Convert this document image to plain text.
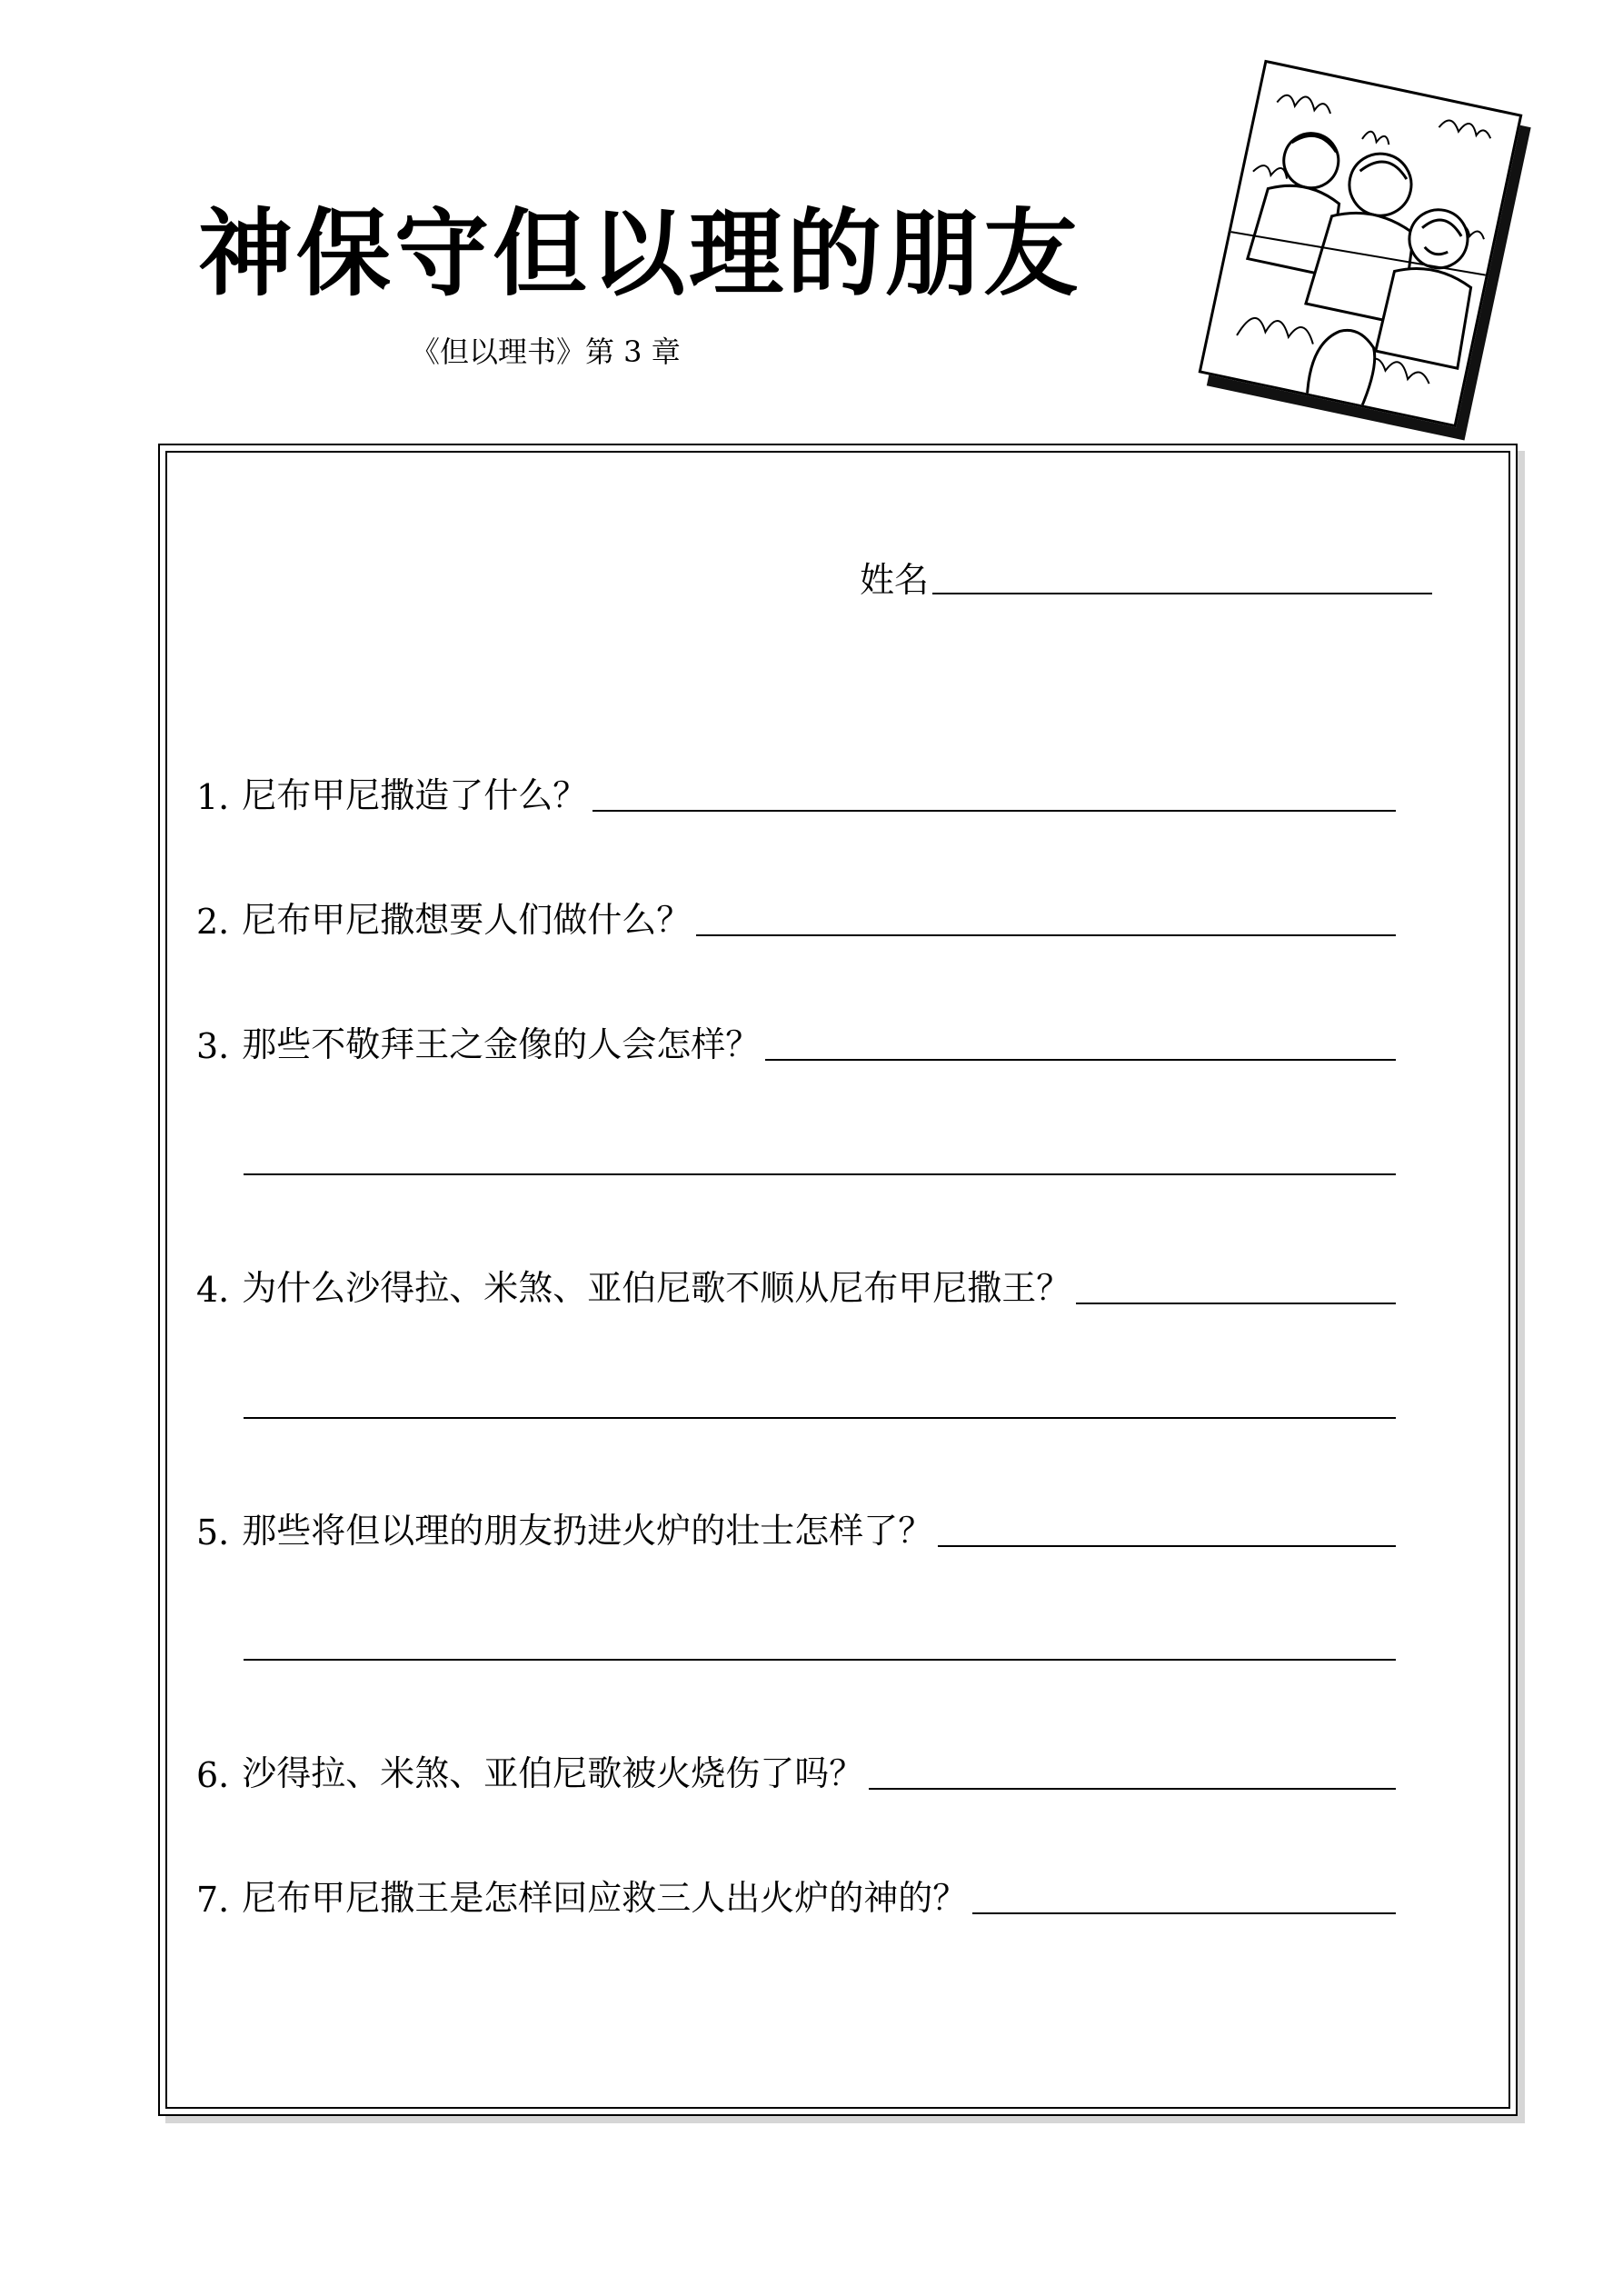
神保守但以理的朋友
《但以理书》第 3 章
姓名
1. 尼布甲尼撒造了什么？
2. 尼布甲尼撒想要人们做什么？
3. 那些不敬拜王之金像的人会怎样？
4. 为什么沙得拉、米煞、亚伯尼歌不顺从尼布甲尼撒王？
5. 那些将但以理的朋友扔进火炉的壮士怎样了？
6. 沙得拉、米煞、亚伯尼歌被火烧伤了吗？
7. 尼布甲尼撒王是怎样回应救三人出火炉的神的？
